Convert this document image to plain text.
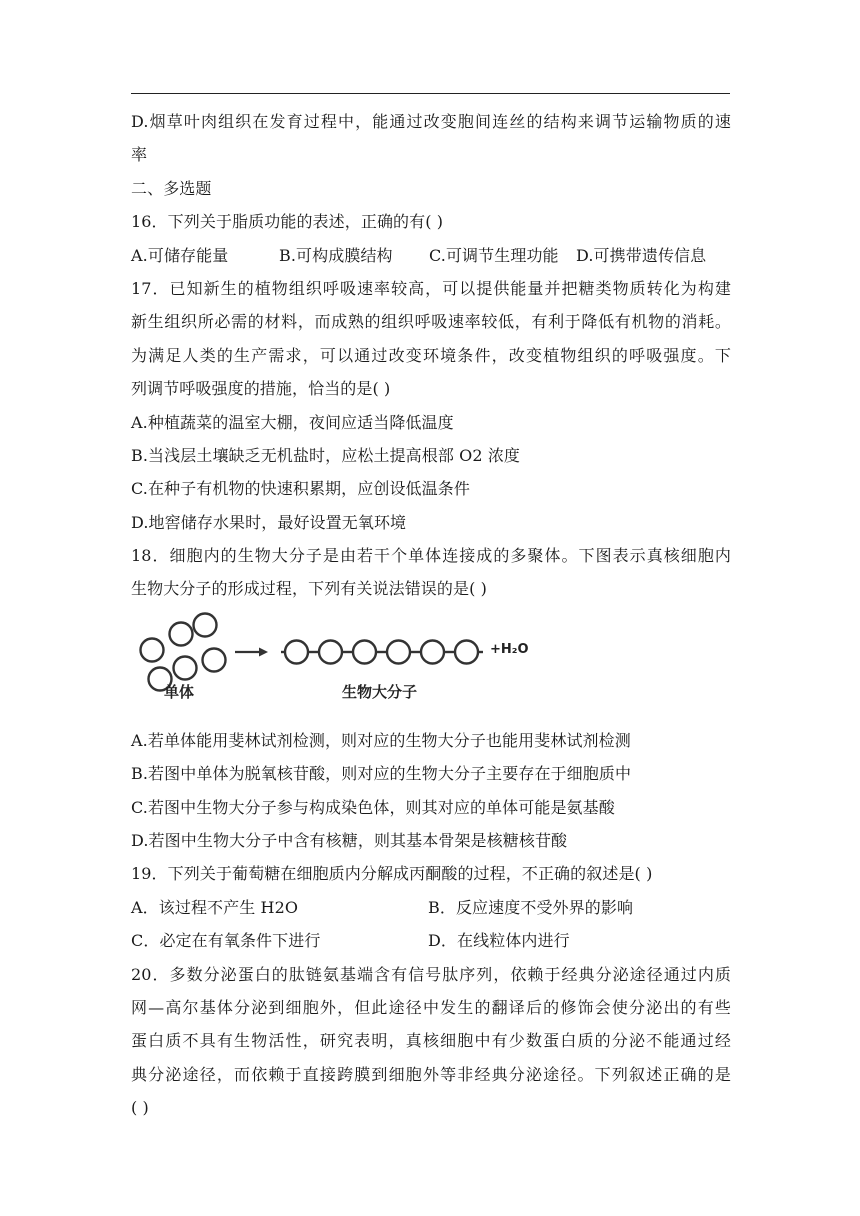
D.烟草叶肉组织在发育过程中，能通过改变胞间连丝的结构来调节运输物质的速
率
二、多选题
16．下列关于脂质功能的表述，正确的有( )
A.可储存能量	B.可构成膜结构	C.可调节生理功能	D.可携带遗传信息
17．已知新生的植物组织呼吸速率较高，可以提供能量并把糖类物质转化为构建
新生组织所必需的材料，而成熟的组织呼吸速率较低，有利于降低有机物的消耗。
为满足人类的生产需求，可以通过改变环境条件，改变植物组织的呼吸强度。下
列调节呼吸强度的措施，恰当的是( )
A.种植蔬菜的温室大棚，夜间应适当降低温度
B.当浅层土壤缺乏无机盐时，应松土提高根部 O2 浓度
C.在种子有机物的快速积累期，应创设低温条件
D.地窖储存水果时，最好设置无氧环境
18．细胞内的生物大分子是由若干个单体连接成的多聚体。下图表示真核细胞内
生物大分子的形成过程，下列有关说法错误的是( )
+H₂O
单体	生物大分子
A.若单体能用斐林试剂检测，则对应的生物大分子也能用斐林试剂检测
B.若图中单体为脱氧核苷酸，则对应的生物大分子主要存在于细胞质中
C.若图中生物大分子参与构成染色体，则其对应的单体可能是氨基酸
D.若图中生物大分子中含有核糖，则其基本骨架是核糖核苷酸
19．下列关于葡萄糖在细胞质内分解成丙酮酸的过程，不正确的叙述是( )
A．该过程不产生 H2O	B．反应速度不受外界的影响
C．必定在有氧条件下进行	D．在线粒体内进行
20．多数分泌蛋白的肽链氨基端含有信号肽序列，依赖于经典分泌途径通过内质
网—高尔基体分泌到细胞外，但此途径中发生的翻译后的修饰会使分泌出的有些
蛋白质不具有生物活性，研究表明，真核细胞中有少数蛋白质的分泌不能通过经
典分泌途径，而依赖于直接跨膜到细胞外等非经典分泌途径。下列叙述正确的是
( )
